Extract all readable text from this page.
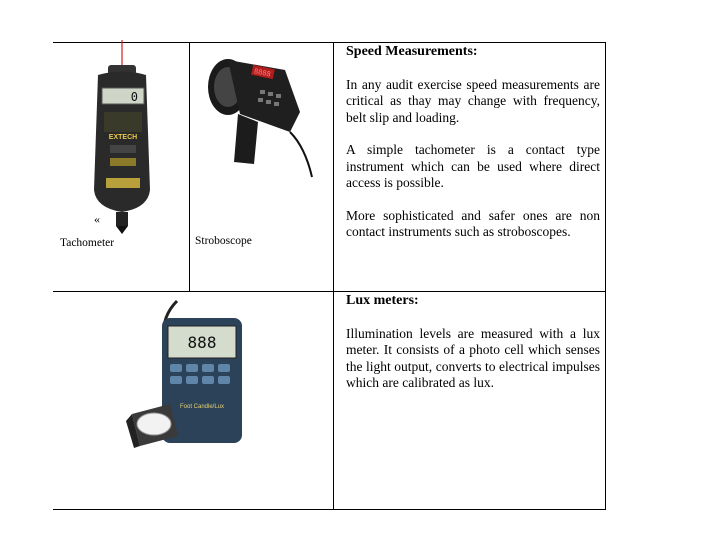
0
EXTECH
«
8888
Tachometer	Stroboscope
Speed Measurements:

In any audit exercise speed measurements are critical as thay may change with frequency, belt slip and loading.

A simple tachometer is a contact type instrument which can be used where direct access is possible.

More sophisticated and safer ones are non contact instruments such as stroboscopes.

888
Foot Candle/Lux
Lux meters:

Illumination levels are measured with a lux meter. It consists of a photo cell which senses the light output, converts to electrical impulses which are calibrated as lux.
